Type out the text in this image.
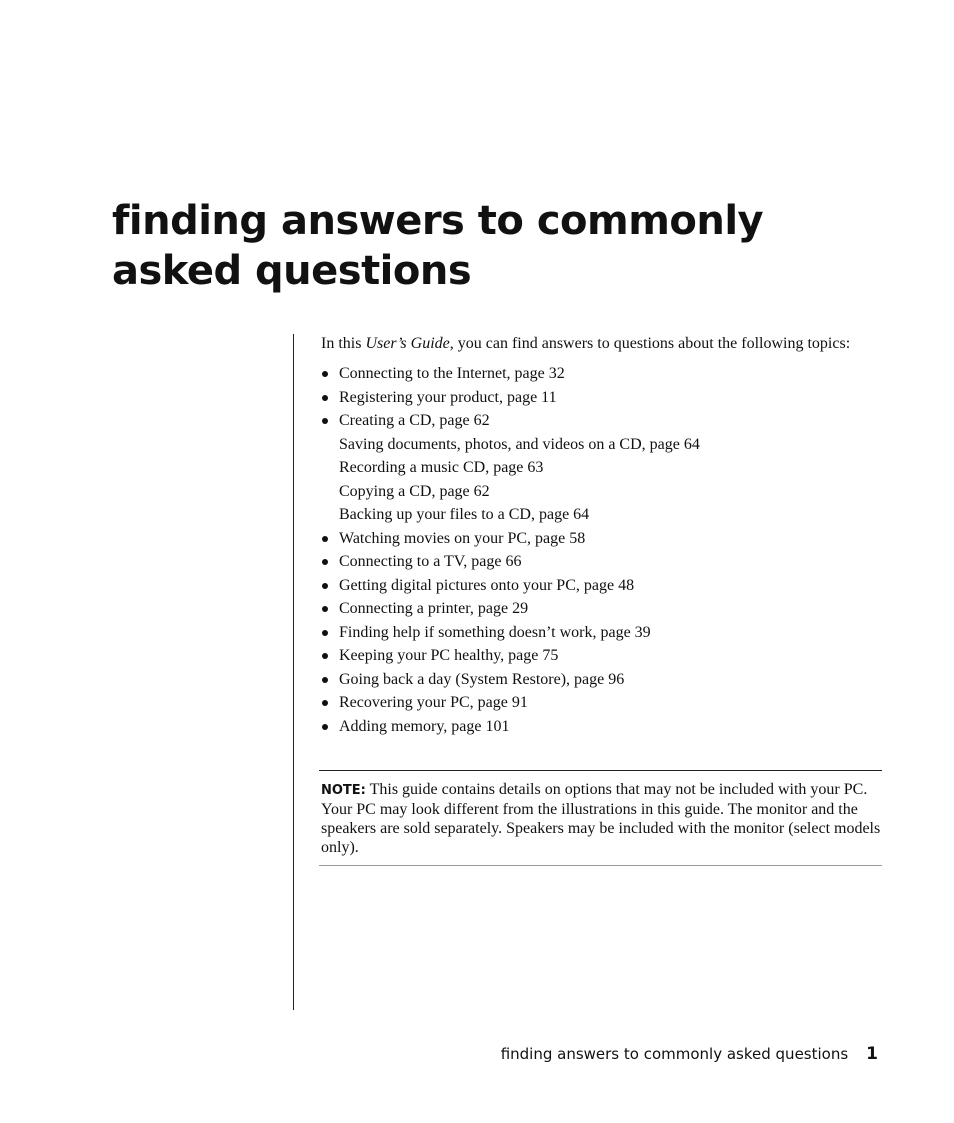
finding answers to commonly asked questions

In this User’s Guide, you can find answers to questions about the following topics:

Connecting to the Internet, page 32
Registering your product, page 11
Creating a CD, page 62
Saving documents, photos, and videos on a CD, page 64
Recording a music CD, page 63
Copying a CD, page 62
Backing up your files to a CD, page 64
Watching movies on your PC, page 58
Connecting to a TV, page 66
Getting digital pictures onto your PC, page 48
Connecting a printer, page 29
Finding help if something doesn’t work, page 39
Keeping your PC healthy, page 75
Going back a day (System Restore), page 96
Recovering your PC, page 91
Adding memory, page 101
NOTE: This guide contains details on options that may not be included with your PC. Your PC may look different from the illustrations in this guide. The monitor and the speakers are sold separately. Speakers may be included with the monitor (select models only).
finding answers to commonly asked questions 1
